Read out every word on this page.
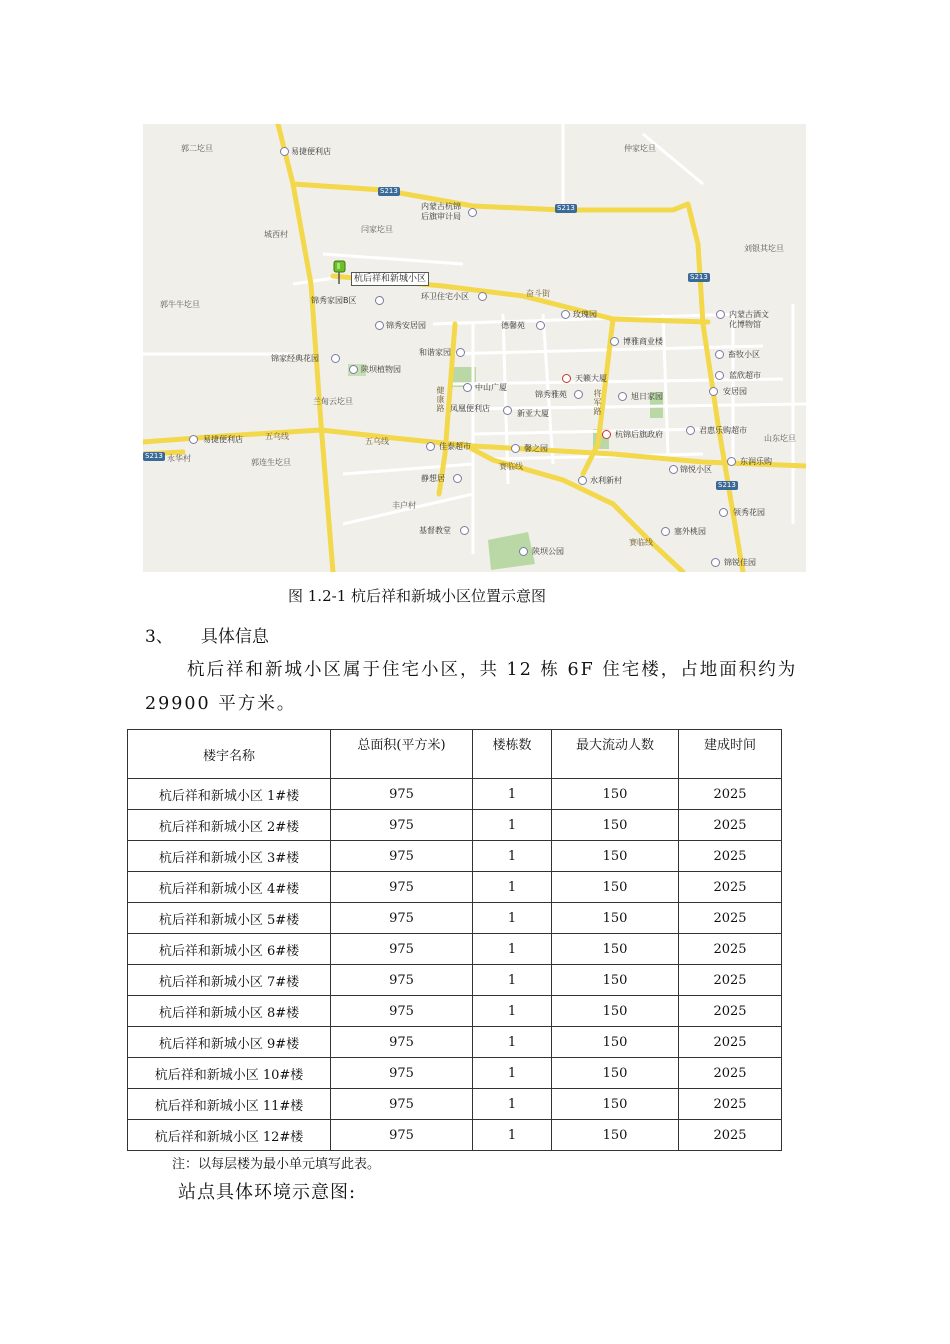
郭二圪旦	易捷便利店	仲家圪旦
内蒙古杭锦
后旗审计局
闫家圪旦
城西村
刘银其圪旦
锦秀家园B区	环卫住宅小区
郭牛牛圪旦
锦秀安居园	德馨苑
玫瑰园	内蒙古酒文
化博物馆
博雅商业楼
和谐家园	畜牧小区
锦家经典花园
陕坝植物园
天籁大厦	蓝欣超市
中山广厦	安居园
锦秀雅苑	旭日家园
兰甸云圪旦
凤凰便利店
新亚大厦
君惠乐购超市
山东圪旦
易捷便利店
杭锦后旗政府
佳泰超市	馨之园
永华村	郭连生圪旦
锦悦小区
东润乐购
静想居	水利新村
丰户村
领秀花园
基督教堂	塞外桃园
陕坝公园
锦锐佳园
五乌线
五乌线
赛临线
赛临线
奋斗街
健康路	将军路
S213
S213
S213
S213
S213
杭后祥和新城小区
图 1.2-1 杭后祥和新城小区位置示意图
3、 具体信息
杭后祥和新城小区属于住宅小区，共 12 栋 6F 住宅楼，占地面积约为 29900 平方米。
楼宇名称	总面积(平方米)	楼栋数	最大流动人数	建成时间
杭后祥和新城小区 1#楼	975	1	150	2025
杭后祥和新城小区 2#楼	975	1	150	2025
杭后祥和新城小区 3#楼	975	1	150	2025
杭后祥和新城小区 4#楼	975	1	150	2025
杭后祥和新城小区 5#楼	975	1	150	2025
杭后祥和新城小区 6#楼	975	1	150	2025
杭后祥和新城小区 7#楼	975	1	150	2025
杭后祥和新城小区 8#楼	975	1	150	2025
杭后祥和新城小区 9#楼	975	1	150	2025
杭后祥和新城小区 10#楼	975	1	150	2025
杭后祥和新城小区 11#楼	975	1	150	2025
杭后祥和新城小区 12#楼	975	1	150	2025
注：以每层楼为最小单元填写此表。
站点具体环境示意图:
